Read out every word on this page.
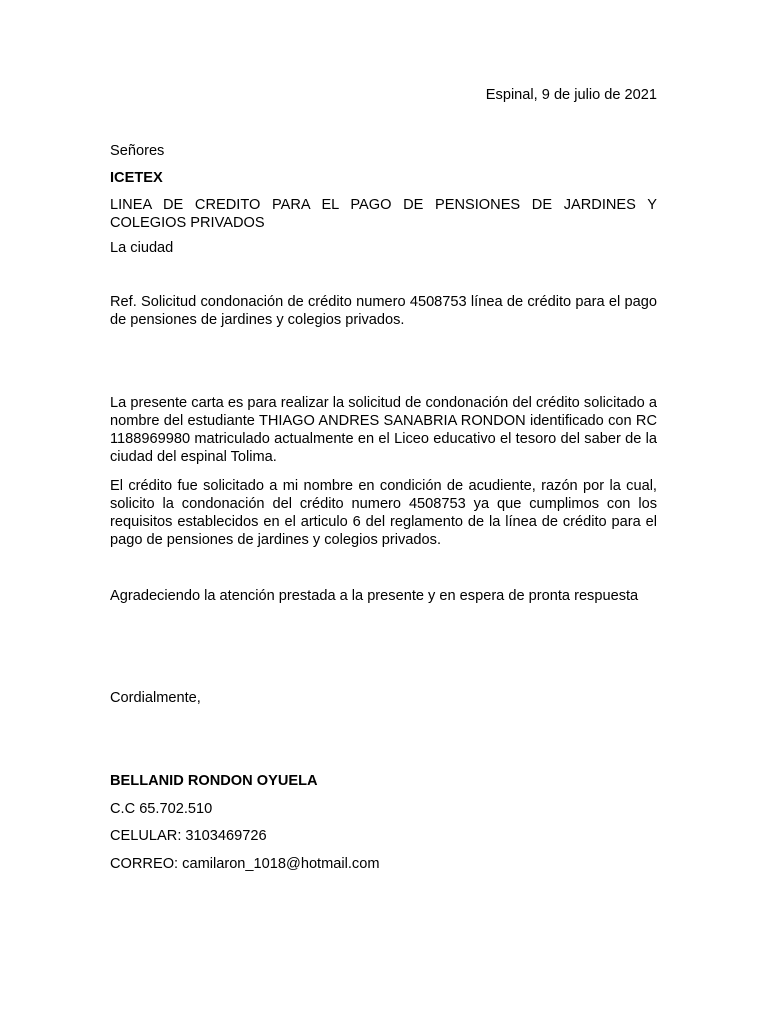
Espinal, 9 de julio de 2021

Señores

ICETEX

LINEA DE CREDITO PARA EL PAGO DE PENSIONES DE JARDINES Y COLEGIOS PRIVADOS

La ciudad

Ref. Solicitud condonación de crédito numero 4508753 línea de crédito para el pago de pensiones de jardines y colegios privados.

La presente carta es para realizar la solicitud de condonación del crédito solicitado a nombre del estudiante THIAGO ANDRES SANABRIA RONDON identificado con RC 1188969980 matriculado actualmente en el Liceo educativo el tesoro del saber de la ciudad del espinal Tolima.

El crédito fue solicitado a mi nombre en condición de acudiente, razón por la cual, solicito la condonación del crédito numero 4508753 ya que cumplimos con los requisitos establecidos en el articulo 6 del reglamento de la línea de crédito para el pago de pensiones de jardines y colegios privados.

Agradeciendo la atención prestada a la presente y en espera de pronta respuesta

Cordialmente,

BELLANID RONDON OYUELA

C.C 65.702.510

CELULAR: 3103469726

CORREO: camilaron_1018@hotmail.com
